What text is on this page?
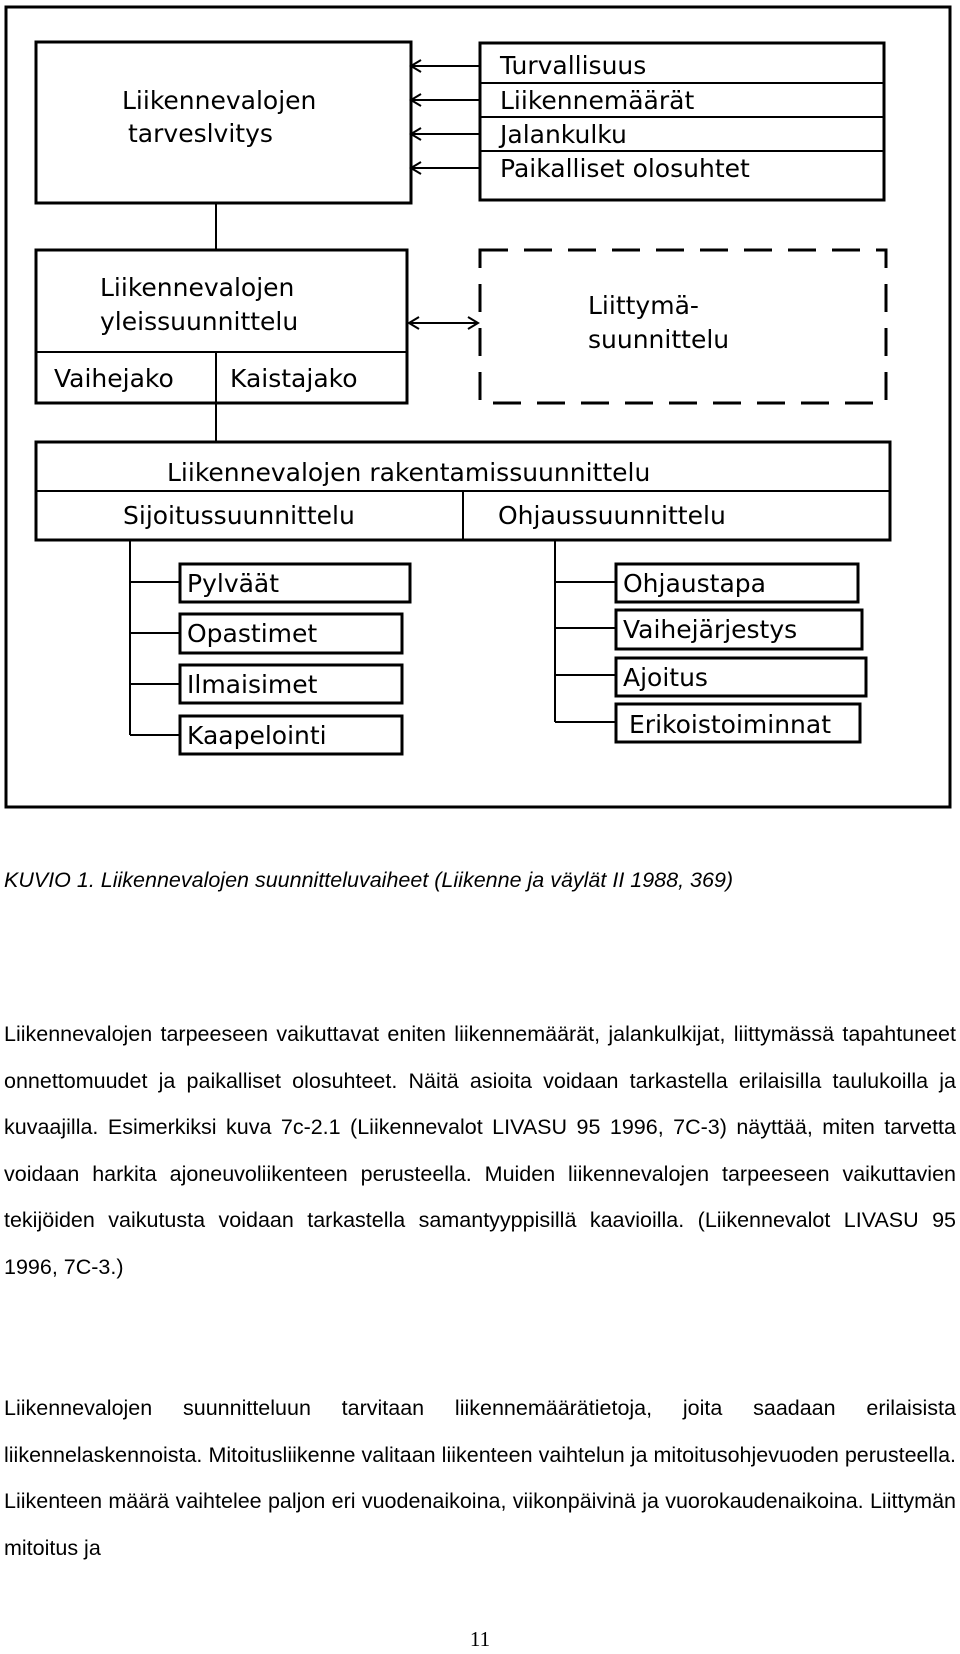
Liikennevalojen
tarveslvitys
Turvallisuus
Liikennemäärät
Jalankulku
Paikalliset olosuhtet
Liikennevalojen
yleissuunnittelu
Vaihejako Kaistajako
Liittymä-
suunnittelu
Liikennevalojen rakentamissuunnittelu
Sijoitussuunnittelu	Ohjaussuunnittelu
Pylväät
Opastimet
Ilmaisimet
Kaapelointi
Ohjaustapa
Vaihejärjestys
Ajoitus
Erikoistoiminnat
KUVIO 1. Liikennevalojen suunnitteluvaiheet (Liikenne ja väylät II 1988, 369)

Liikennevalojen tarpeeseen vaikuttavat eniten liikennemäärät, jalankulkijat, liittymässä tapahtuneet onnettomuudet ja paikalliset olosuhteet. Näitä asioita voidaan tarkastella erilaisilla taulukoilla ja kuvaajilla. Esimerkiksi kuva 7c-2.1 (Liikennevalot LIVASU 95 1996, 7C-3) näyttää, miten tarvetta voidaan harkita ajoneuvoliikenteen perusteella. Muiden liikennevalojen tarpeeseen vaikuttavien tekijöiden vaikutusta voidaan tarkastella samantyyppisillä kaavioilla. (Liikennevalot LIVASU 95 1996, 7C-3.)

Liikennevalojen suunnitteluun tarvitaan liikennemäärätietoja, joita saadaan erilaisista liikennelaskennoista. Mitoitusliikenne valitaan liikenteen vaihtelun ja mitoitusohjevuoden perusteella. Liikenteen määrä vaihtelee paljon eri vuodenaikoina, viikonpäivinä ja vuorokaudenaikoina. Liittymän mitoitus ja

11
